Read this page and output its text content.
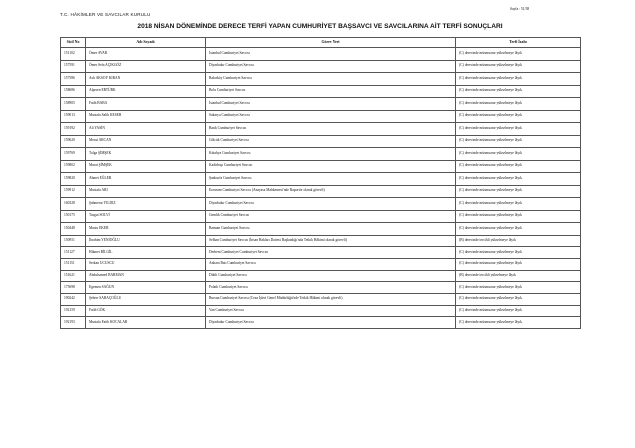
Sayfa : 51/38
T.C. HÂKİMLER VE SAVCILAR KURULU
2018 NİSAN DÖNEMİNDE DERECE TERFİ YAPAN CUMHURİYET BAŞSAVCI VE SAVCILARINA AİT TERFİ SONUÇLARI
Sicil No	Adı Soyadı	Görev Yeri	Terfi İzahı
151102	Ömer AVAR	İstanbul Cumhuriyet Savcısı	(C) derecinde müsmuarız-yükselmeye lâyık
157591	Ömer Sefa AÇIKGÖZ	Diyarbakır Cumhuriyet Savcısı	(C) derecinde müsmuarız-yükselmeye lâyık
157586	Aslı AKSOY KIRAN	Bakırköy Cumhuriyet Savcısı	(C) derecinde müsmuarız-yükselmeye lâyık
158686	Alperen ERTÜRK	Bolu Cumhuriyet Savcısı	(C) derecinde müsmuarız-yükselmeye lâyık
158905	Fatih BABA	İstanbul Cumhuriyet Savcısı	(C) derecinde müsmuarız-yükselmeye lâyık
159013	Mustafa Salih KESER	Sakarya Cumhuriyet Savcısı	(C) derecinde müsmuarız-yükselmeye lâyık
159192	Ali YASİN	Batık Cumhuriyet Savcısı	(C) derecinde müsmuarız-yükselmeye lâyık
159620	Mesut ARCAN	Gölcük Cumhuriyet Savcısı	(C) derecinde müsmuarız-yükselmeye lâyık
159769	Tolga ŞİMŞEK	Kütahya Cumhuriyet Savcısı	(C) derecinde müsmuarız-yükselmeye lâyık
159802	Murat ŞİMŞEK	Kadirbaşı Cumhuriyet Savcısı	(C) derecinde müsmuarız-yükselmeye lâyık
159820	Ahmet EĞLER	Şanlıurfa Cumhuriyet Savcısı	(C) derecinde müsmuarız-yükselmeye lâyık
159912	Mustafa ARI	Erzurum Cumhuriyet Savcısı (Anayasa Mahkemesi'nde Raportör olarak görevli)	(C) derecinde müsmuarız-yükselmeye lâyık
160328	Şahmerar YILDIZ	Diyarbakır Cumhuriyet Savcısı	(C) derecinde müsmuarız-yükselmeye lâyık
150175	Turgut SOLVİ	Gemlik Cumhuriyet Savcısı	(C) derecinde müsmuarız-yükselmeye lâyık
150448	Mustu EKER	Batman Cumhuriyet Savcısı	(C) derecinde müsmuarız-yükselmeye lâyık
150951	İbrahim YENİOĞLU	Selhan Cumhuriyet Savcısı (İnsan Hakları Dairesi Başkanlığı'nda Tetkik Hâkimi olarak görevli)	(B) derecinde tercihli yükselmeye lâyık
151127	Hikmet BİLGİL	Derbent Cumhuriyet Cumhuriyet Savcısı	(C) derecinde müsmuarız-yükselmeye lâyık
151151	Serkan UCUSCU	Ankara Batı Cumhuriyet Savcısı	(C) derecinde müsmuarız-yükselmeye lâyık
151621	Abdulsamed BARMAN	Dikili Cumhuriyet Savcısı	(B) derecinde tercihli yükselmeye lâyık
175698	Egemen SAĞUN	Polatlı Cumhuriyet Savcısı	(C) derecinde müsmuarız-yükselmeye lâyık
190242	Şeherr SARAÇOĞLU	Bursun Cumhuriyet Savcısı (Ceza İşleri Genel Müdürlüğü'nde Tetkik Hâkimi olarak görevli)	(C) derecinde müsmuarız-yükselmeye lâyık
192159	Fatih GÖK	Van Cumhuriyet Savcısı	(C) derecinde müsmuarız-yükselmeye lâyık
192193	Mustafa Fatih KOCALAR	Diyarbakır Cumhuriyet Savcısı	(C) derecinde müsmuarız-yükselmeye lâyık
